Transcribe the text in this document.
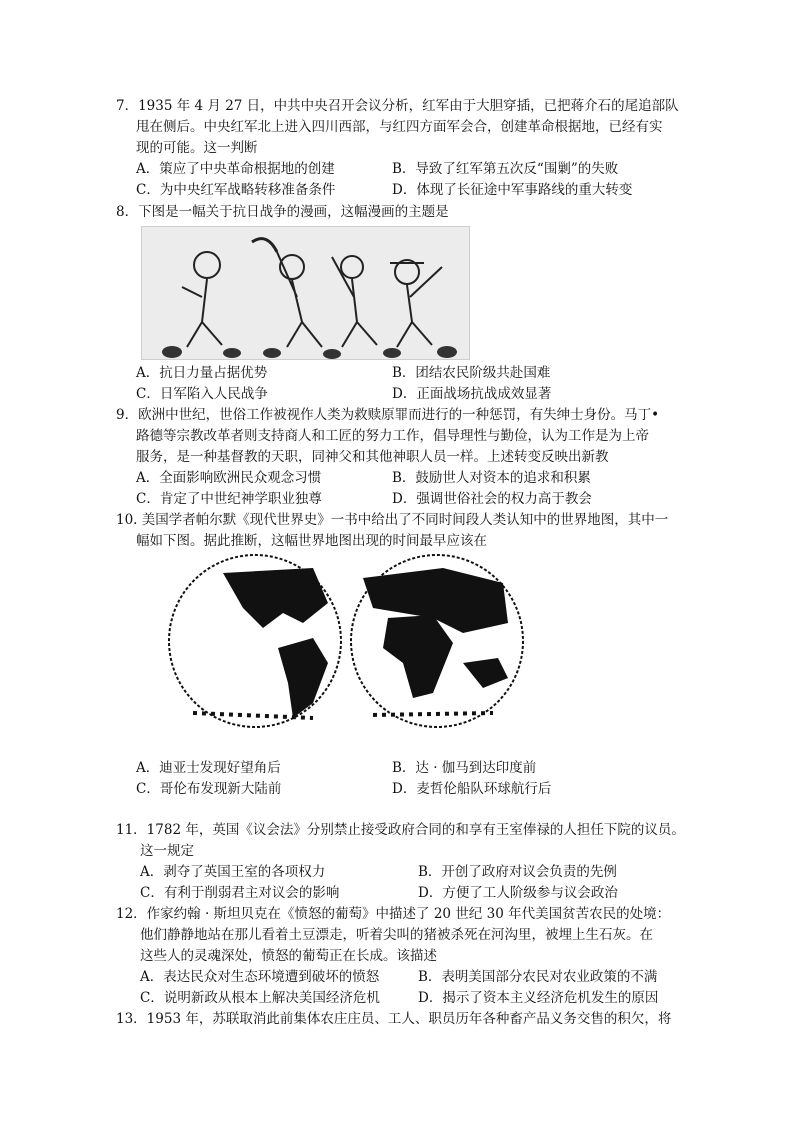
7．1935 年 4 月 27 日，中共中央召开会议分析，红军由于大胆穿插，已把蒋介石的尾追部队
甩在侧后。中央红军北上进入四川西部，与红四方面军会合，创建革命根据地，已经有实
现的可能。这一判断
A．策应了中央革命根据地的创建	B．导致了红军第五次反“围剿”的失败
C．为中央红军战略转移准备条件	D．体现了长征途中军事路线的重大转变
8．下图是一幅关于抗日战争的漫画，这幅漫画的主题是
A．抗日力量占据优势	B．团结农民阶级共赴国难
C．日军陷入人民战争	D．正面战场抗战成效显著
9．欧洲中世纪，世俗工作被视作人类为救赎原罪而进行的一种惩罚，有失绅士身份。马丁•
路德等宗教改革者则支持商人和工匠的努力工作，倡导理性与勤俭，认为工作是为上帝
服务，是一种基督教的天职，同神父和其他神职人员一样。上述转变反映出新教
A．全面影响欧洲民众观念习惯	B．鼓励世人对资本的追求和积累
C．肯定了中世纪神学职业独尊	D．强调世俗社会的权力高于教会
10. 美国学者帕尔默《现代世界史》一书中给出了不同时间段人类认知中的世界地图，其中一
幅如下图。据此推断，这幅世界地图出现的时间最早应该在
A．迪亚士发现好望角后	B．达 · 伽马到达印度前
C．哥伦布发现新大陆前	D．麦哲伦船队环球航行后
11．1782 年，英国《议会法》分别禁止接受政府合同的和享有王室俸禄的人担任下院的议员。
这一规定
A．剥夺了英国王室的各项权力	B．开创了政府对议会负责的先例
C．有利于削弱君主对议会的影响	D．方便了工人阶级参与议会政治
12．作家约翰 · 斯坦贝克在《愤怒的葡萄》中描述了 20 世纪 30 年代美国贫苦农民的处境：
他们静静地站在那儿看着土豆漂走，听着尖叫的猪被杀死在河沟里，被埋上生石灰。在
这些人的灵魂深处，愤怒的葡萄正在长成。该描述
A．表达民众对生态环境遭到破坏的愤怒	B．表明美国部分农民对农业政策的不满
C．说明新政从根本上解决美国经济危机	D．揭示了资本主义经济危机发生的原因
13．1953 年，苏联取消此前集体农庄庄员、工人、职员历年各种畜产品义务交售的积欠，将
